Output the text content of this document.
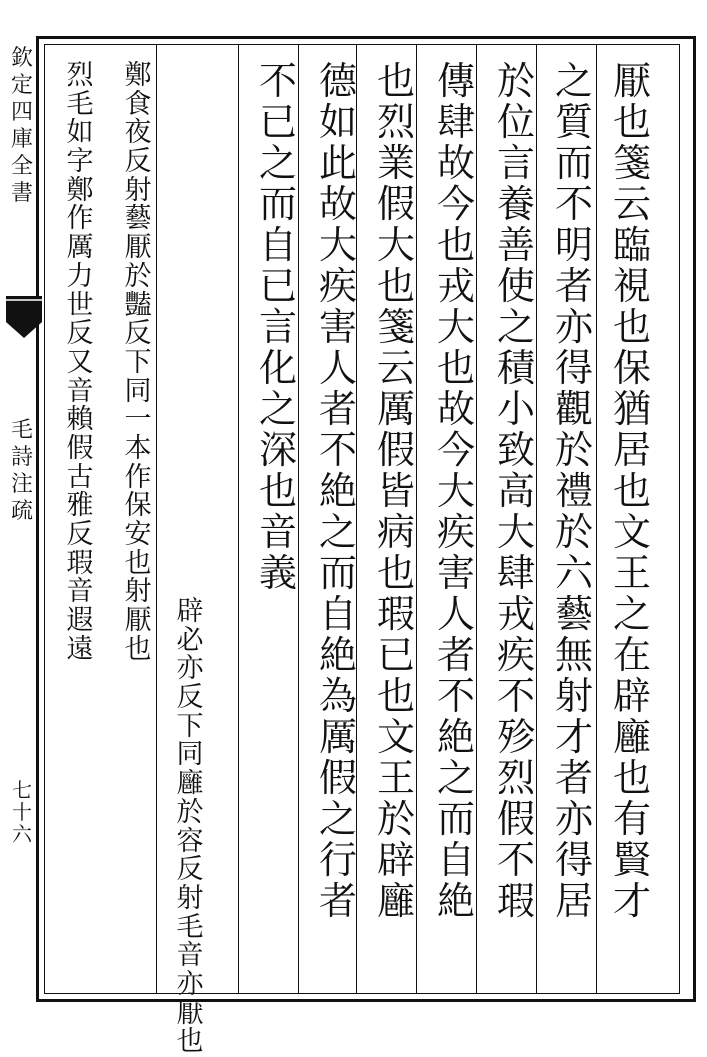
欽
定
四
庫
全
書
毛
詩
注
疏
七
十
六
厭
也
箋
云
臨
視
也
保
猶
居
也
文
王
之
在
辟
廱
也
有
賢
才
之
質
而
不
明
者
亦
得
觀
於
禮
於
六
藝
無
射
才
者
亦
得
居
於
位
言
養
善
使
之
積
小
致
高
大
肆
戎
疾
不
殄
烈
假
不
瑕
傳
肆
故
今
也
戎
大
也
故
今
大
疾
害
人
者
不
絶
之
而
自
絶
也
烈
業
假
大
也
箋
云
厲
假
皆
病
也
瑕
已
也
文
王
於
辟
廱
德
如
此
故
大
疾
害
人
者
不
絶
之
而
自
絶
為
厲
假
之
行
者
不
已
之
而
自
已
言
化
之
深
也
音
義
辟
必
亦
反
下
同
廱
於
容
反
射
毛
音
亦
厭
也
鄭
食
夜
反
射
藝
厭
於
豔
反
下
同
一
本
作
保
安
也
射
厭
也
烈
毛
如
字
鄭
作
厲
力
世
反
又
音
賴
假
古
雅
反
瑕
音
遐
遠
